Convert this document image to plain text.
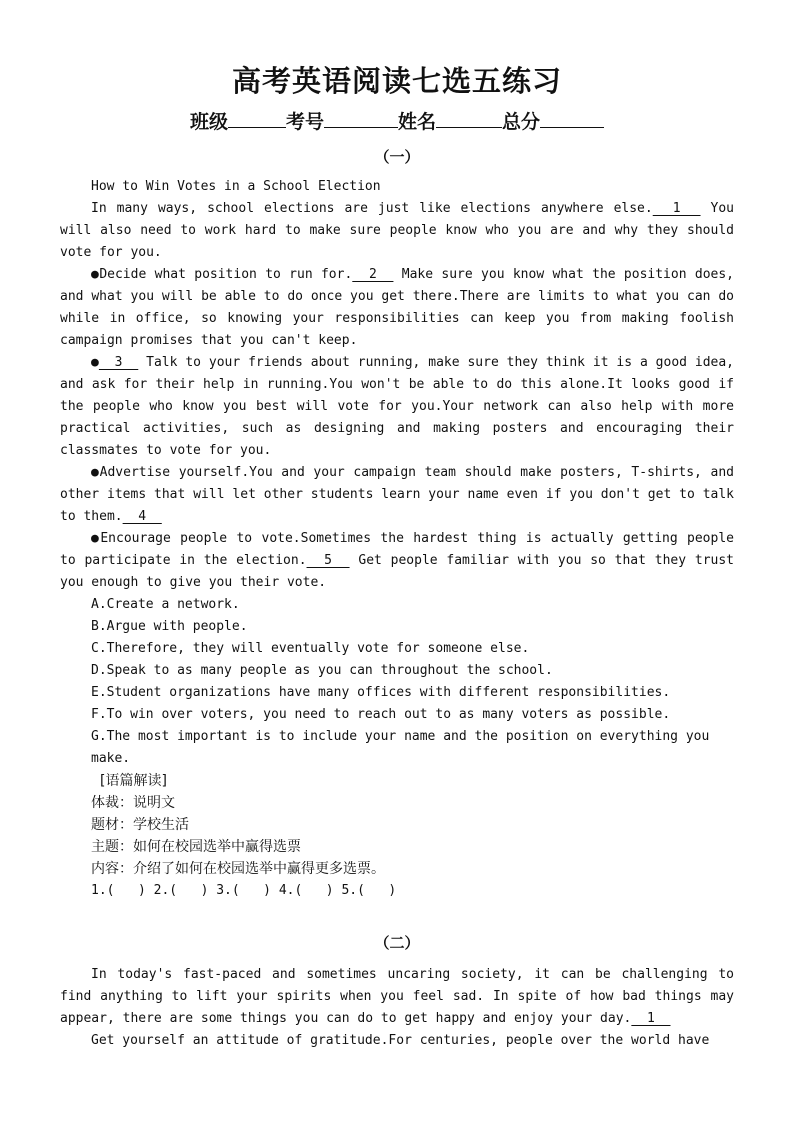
高考英语阅读七选五练习
班级	考号	姓名	总分
（一）

How to Win Votes in a School Election

In many ways, school elections are just like elections anywhere else.  1   You will also need to work hard to make sure people know who you are and why they should vote for you.

●Decide what position to run for.  2   Make sure you know what the position does, and what you will be able to do once you get there.There are limits to what you can do while in office, so knowing your responsibilities can keep you from making foolish campaign promises that you can't keep.

●  3   Talk to your friends about running, make sure they think it is a good idea, and ask for their help in running.You won't be able to do this alone.It looks good if the people who know you best will vote for you.Your network can also help with more practical activities, such as designing and making posters and encouraging their classmates to vote for you.

●Advertise yourself.You and your campaign team should make posters, T-shirts, and other items that will let other students learn your name even if you don't get to talk to them.  4

●Encourage people to vote.Sometimes the hardest thing is actually getting people to participate in the election.  5   Get people familiar with you so that they trust you enough to give you their vote.

A.Create a network.

B.Argue with people.

C.Therefore, they will eventually vote for someone else.

D.Speak to as many people as you can throughout the school.

E.Student organizations have many offices with different responsibilities.

F.To win over voters, you need to reach out to as many voters as possible.

G.The most important is to include your name and the position on everything you make.

[语篇解读]

体裁：说明文

题材：学校生活

主题：如何在校园选举中赢得选票

内容：介绍了如何在校园选举中赢得更多选票。

1.(   ) 2.(   ) 3.(   ) 4.(   ) 5.(   )

（二）

In today's fast-paced and sometimes uncaring society, it can be challenging to find anything to lift your spirits when you feel sad. In spite of how bad things may appear, there are some things you can do to get happy and enjoy your day.  1

Get yourself an attitude of gratitude.For centuries, people over the world have
